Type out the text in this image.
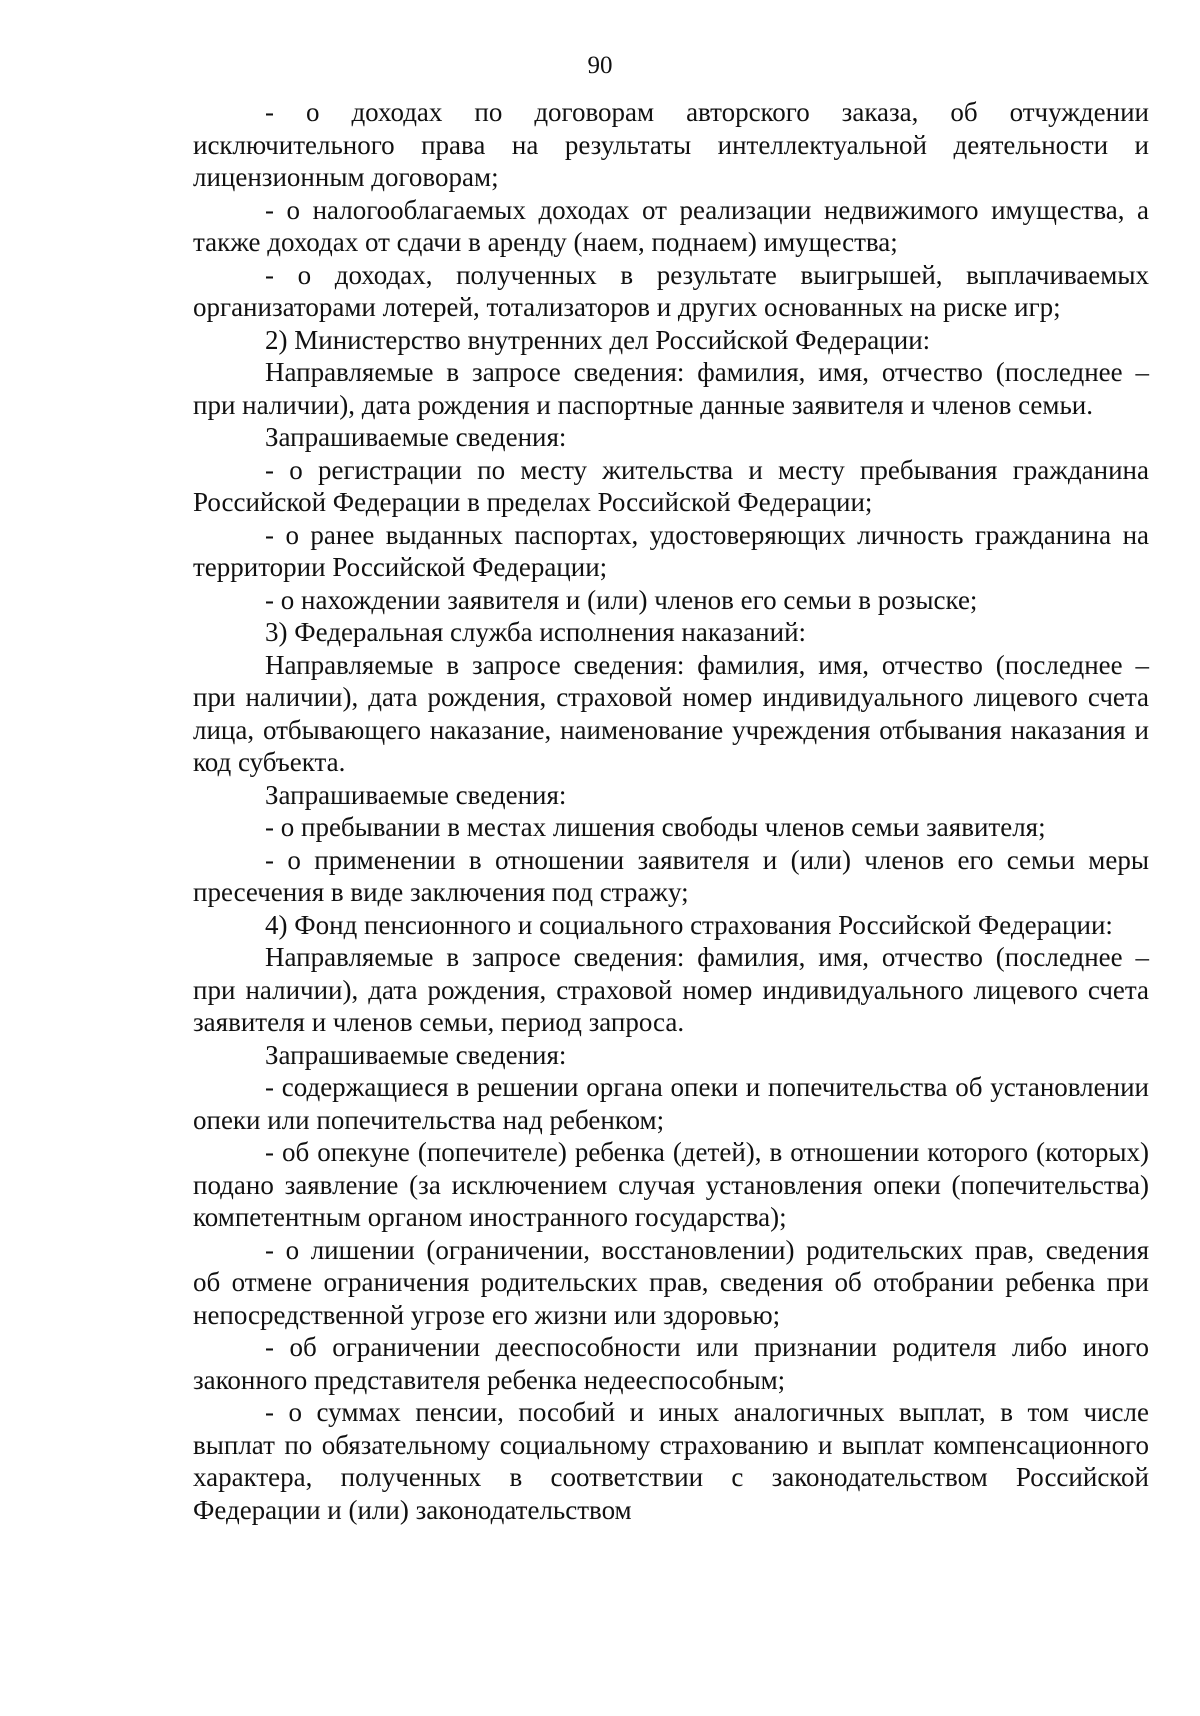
90

- о доходах по договорам авторского заказа, об отчуждении исключительного права на результаты интеллектуальной деятельности и лицензионным договорам;

- о налогооблагаемых доходах от реализации недвижимого имущества, а также доходах от сдачи в аренду (наем, поднаем) имущества;

- о доходах, полученных в результате выигрышей, выплачиваемых организаторами лотерей, тотализаторов и других основанных на риске игр;

2) Министерство внутренних дел Российской Федерации:

Направляемые в запросе сведения: фамилия, имя, отчество (последнее – при наличии), дата рождения и паспортные данные заявителя и членов семьи.

Запрашиваемые сведения:

- о регистрации по месту жительства и месту пребывания гражданина Российской Федерации в пределах Российской Федерации;

- о ранее выданных паспортах, удостоверяющих личность гражданина на территории Российской Федерации;

- о нахождении заявителя и (или) членов его семьи в розыске;

3) Федеральная служба исполнения наказаний:

Направляемые в запросе сведения: фамилия, имя, отчество (последнее – при наличии), дата рождения, страховой номер индивидуального лицевого счета лица, отбывающего наказание, наименование учреждения отбывания наказания и код субъекта.

Запрашиваемые сведения:

- о пребывании в местах лишения свободы членов семьи заявителя;

- о применении в отношении заявителя и (или) членов его семьи меры пресечения в виде заключения под стражу;

4) Фонд пенсионного и социального страхования Российской Федерации:

Направляемые в запросе сведения: фамилия, имя, отчество (последнее – при наличии), дата рождения, страховой номер индивидуального лицевого счета заявителя и членов семьи, период запроса.

Запрашиваемые сведения:

- содержащиеся в решении органа опеки и попечительства об установлении опеки или попечительства над ребенком;

- об опекуне (попечителе) ребенка (детей), в отношении которого (которых) подано заявление (за исключением случая установления опеки (попечительства) компетентным органом иностранного государства);

- о лишении (ограничении, восстановлении) родительских прав, сведения об отмене ограничения родительских прав, сведения об отобрании ребенка при непосредственной угрозе его жизни или здоровью;

- об ограничении дееспособности или признании родителя либо иного законного представителя ребенка недееспособным;

- о суммах пенсии, пособий и иных аналогичных выплат, в том числе выплат по обязательному социальному страхованию и выплат компенсационного характера, полученных в соответствии с законодательством Российской Федерации и (или) законодательством
